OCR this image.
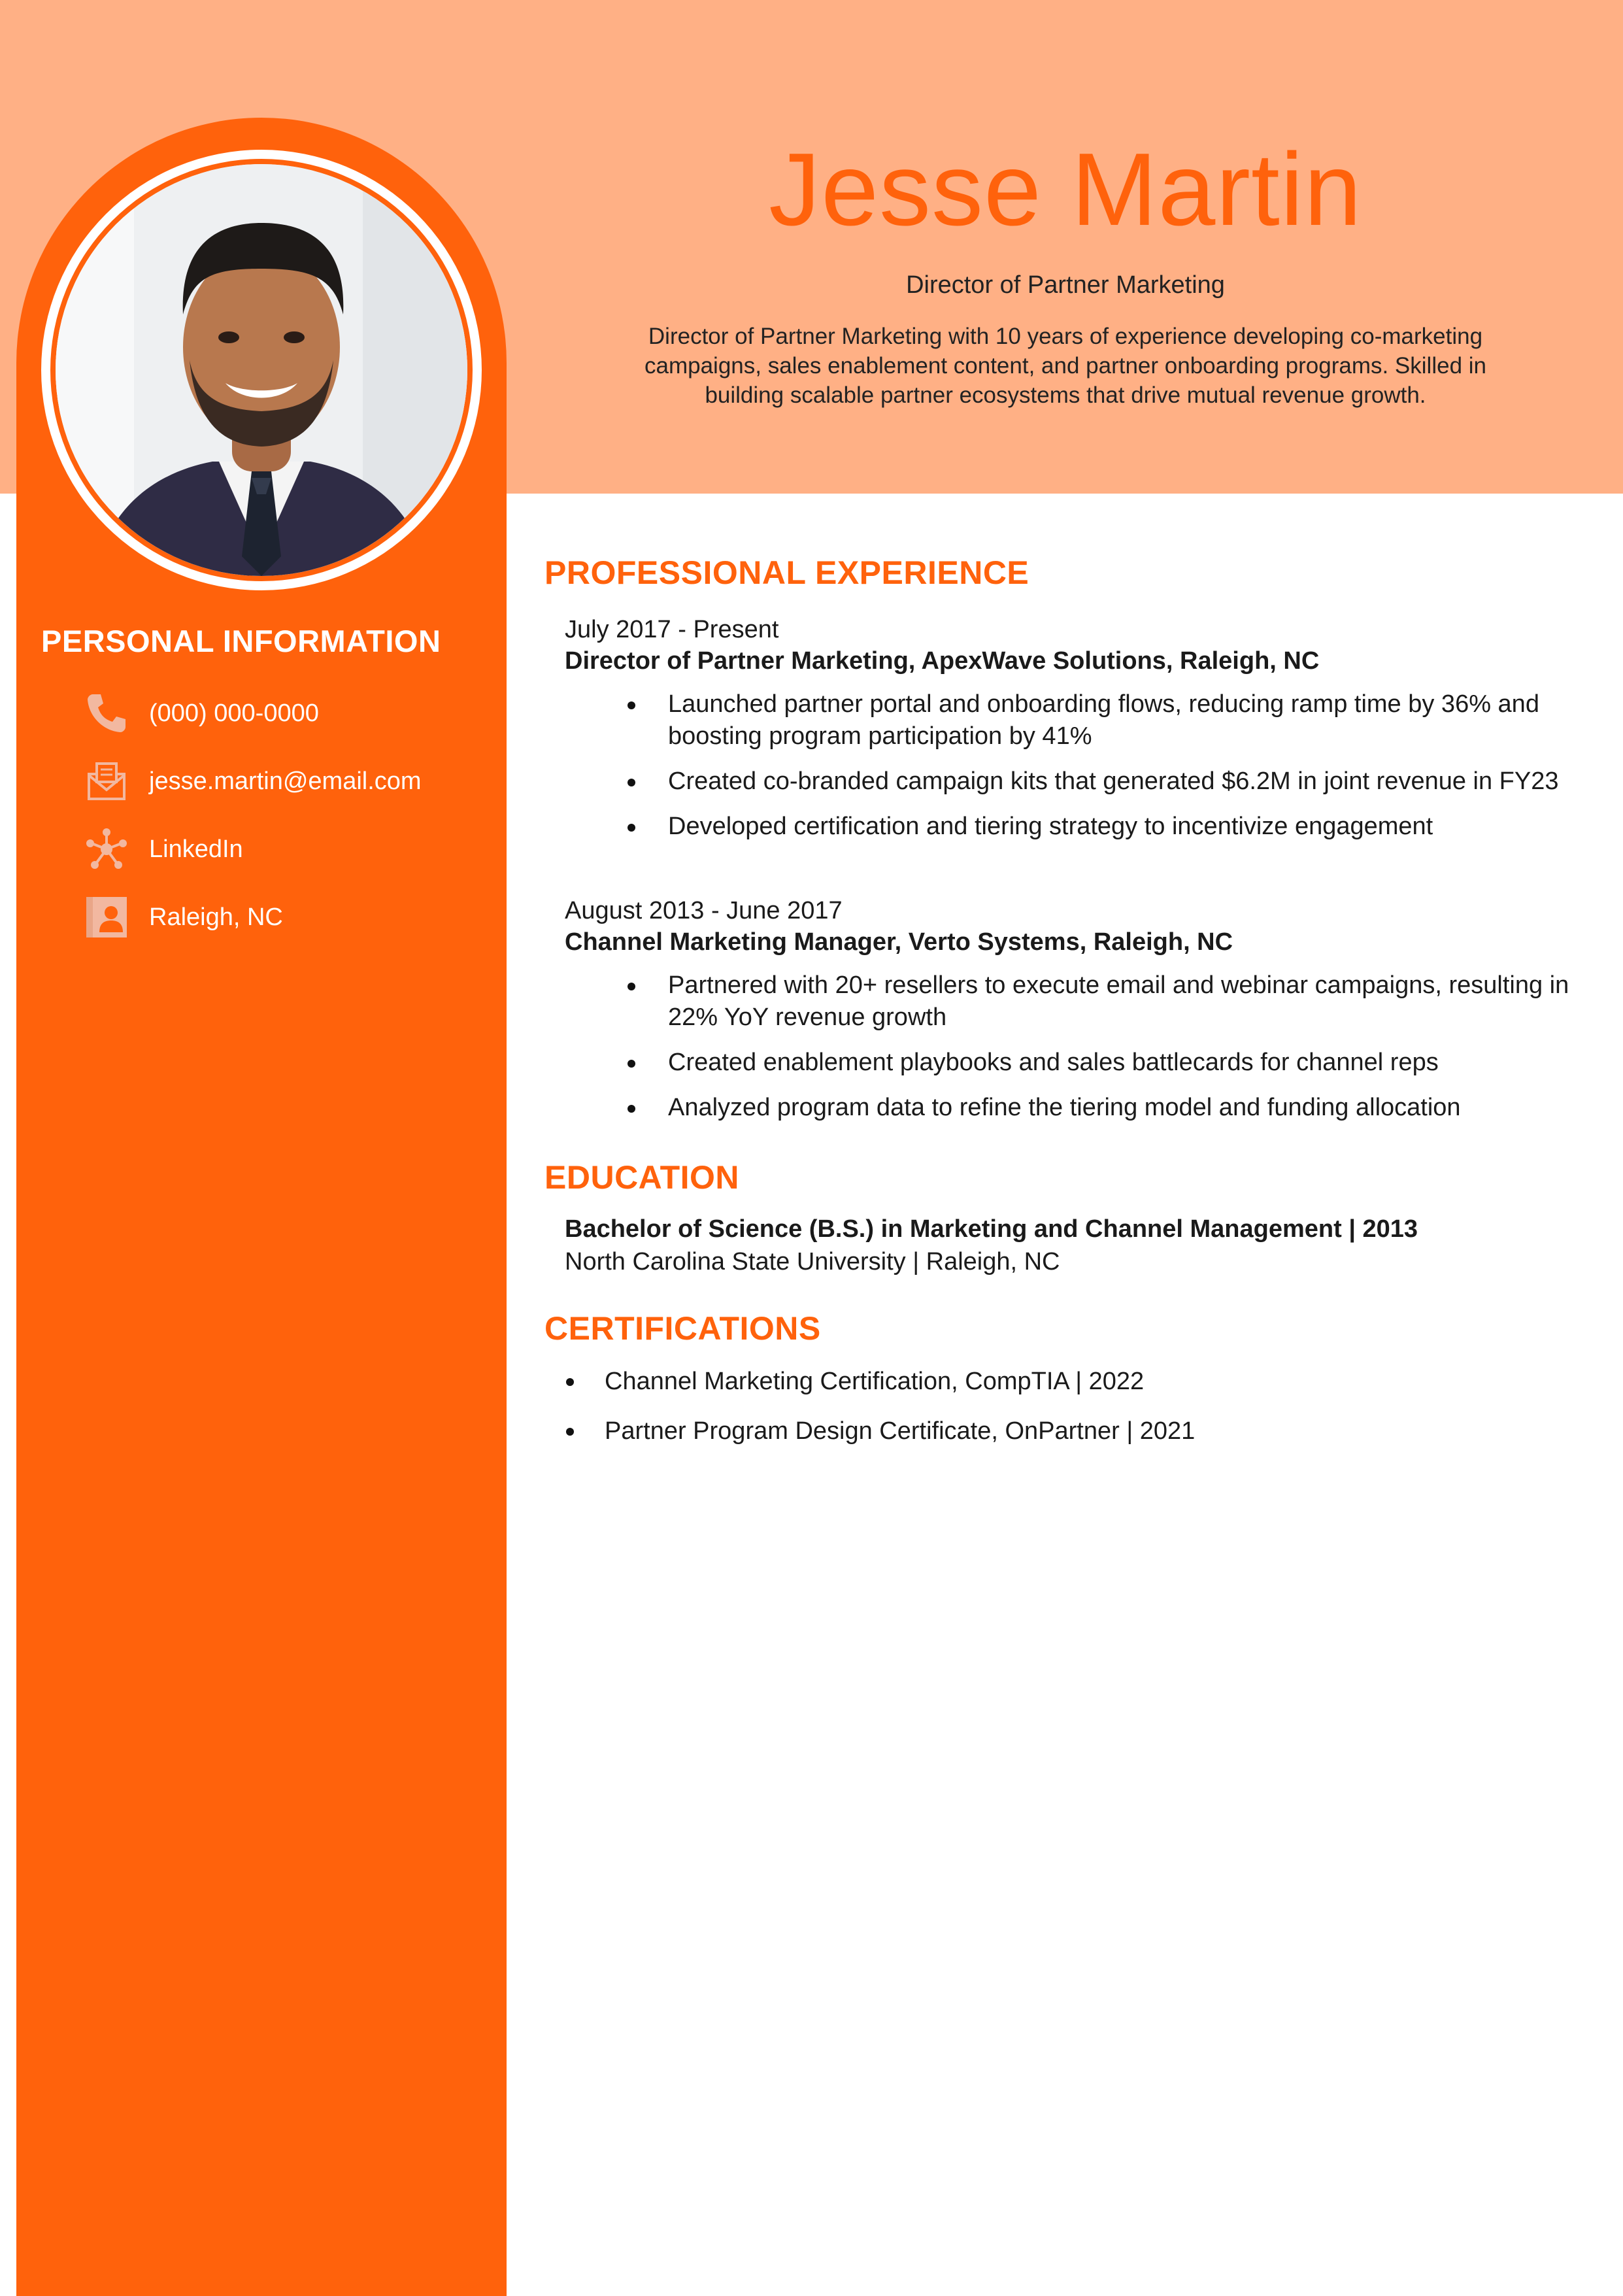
PERSONAL INFORMATION
(000) 000-0000
jesse.martin@email.com
LinkedIn
Raleigh, NC
Jesse Martin
Director of Partner Marketing
Director of Partner Marketing with 10 years of experience developing co-marketing campaigns, sales enablement content, and partner onboarding programs. Skilled in building scalable partner ecosystems that drive mutual revenue growth.
PROFESSIONAL EXPERIENCE
July 2017 - Present
Director of Partner Marketing, ApexWave Solutions, Raleigh, NC
Launched partner portal and onboarding flows, reducing ramp time by 36% and boosting program participation by 41%
Created co-branded campaign kits that generated $6.2M in joint revenue in FY23
Developed certification and tiering strategy to incentivize engagement
August 2013 - June 2017
Channel Marketing Manager, Verto Systems, Raleigh, NC
Partnered with 20+ resellers to execute email and webinar campaigns, resulting in 22% YoY revenue growth
Created enablement playbooks and sales battlecards for channel reps
Analyzed program data to refine the tiering model and funding allocation
EDUCATION
Bachelor of Science (B.S.) in Marketing and Channel Management | 2013
North Carolina State University | Raleigh, NC
CERTIFICATIONS
Channel Marketing Certification, CompTIA | 2022
Partner Program Design Certificate, OnPartner | 2021
